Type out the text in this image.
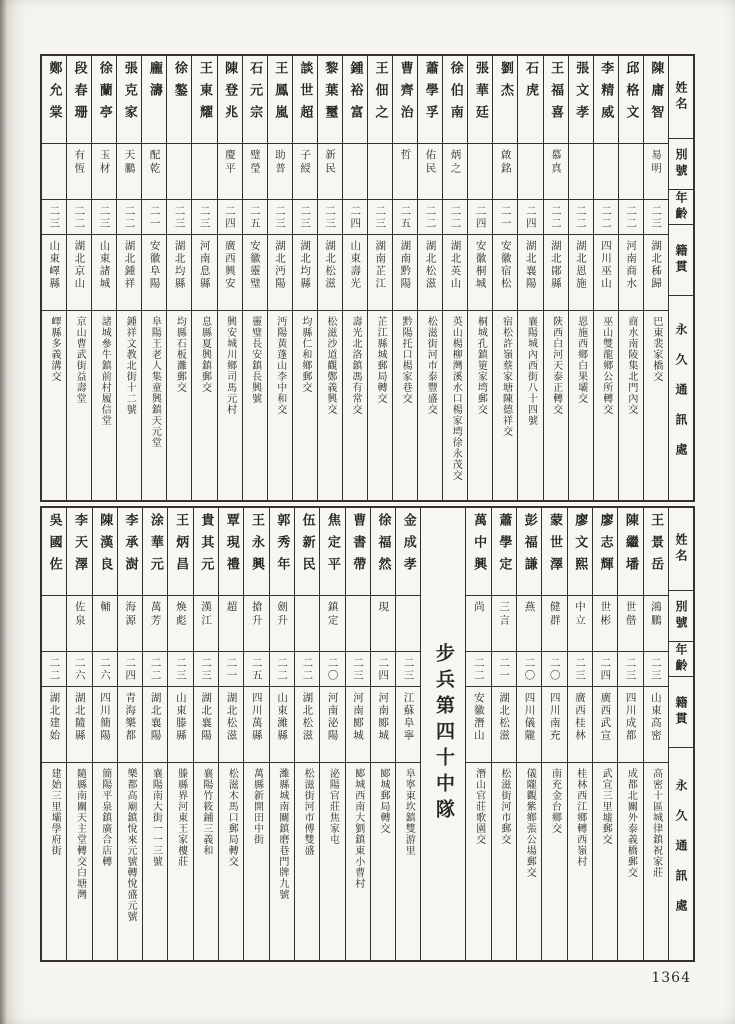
鄭允棠
二三
山東嶧縣
嶧縣多義溝交
段春珊
有恆
二二
湖北京山
京山曹武街益壽堂
徐蘭亭
玉材
二三
山東諸城
諸城參牛鎮前村履信堂
張克家
天鵬
二二
湖北鍾祥
鍾祥文教北街十二號
龐濤
配乾
二一
安徽阜陽
阜陽王老人集童興鎮天元堂
徐鏊
二三
湖北均縣
均縣石板灘郵交
王東耀
二三
河南息縣
息縣夏興鎮郵交
陳登兆
慶平
二四
廣西興安
興安城川鄉司馬元村
石元宗
璧瑩
二五
安徽靈璧
靈璧長安鎮長興號
王鳳嵐
助普
二三
湖北沔陽
沔陽黃蓬山李中和交
談世超
子綬
二三
湖北均縣
均縣仁和鄉郵交
黎葉璽
新民
二三
湖北松滋
松滋沙道觀鄭義興交
鍾裕富
二四
山東壽光
壽光北洛鎮馮有常交
王佃之
二三
湖南芷江
芷江縣城郵局轉交
曹齊治
哲
二五
湖南黔陽
黔陽托口楊家巷交
蕭學孚
佑民
二二
湖北松滋
松滋街河市泰豐盛交
徐伯南
炳之
二二
湖北英山
英山楊柳灣溪水口楊家塆徐永茂交
張華廷
二四
安徽桐城
桐城孔鎮筻家塆郵交
劉杰
啟銘
二一
安徽宿松
宿松許嶺蔡家塘陳德祥交
石虎
二四
湖北襄陽
襄陽城內西街八十四號
王福喜
慕真
二二
湖北鄖縣
陝西白河天泰正轉交
張文孝
二二
湖北恩施
恩施西鄉白果壩交
李精威
二二
四川巫山
巫山雙龍鄉公所轉交
邱格文
二二
河南商水
商水南陵集北門內交
陳庸智
易明
二三
湖北秭歸
巴東裴家橋交
姓名
別號
年齡
籍貫
永久通訊處
吳國佐
二二
湖北建始
建始三里壩學府街
李天澤
佐泉
二六
湖北隨縣
隨縣南關天主堂轉交白塘灣
陳漢良
輔
二六
四川簡陽
簡陽平泉鎮廣合店轉
李承澍
海源
二四
青海樂都
樂都高廟鎮悅來元號轉悅盛元號
涂華元
萬芳
二二
湖北襄陽
襄陽南大街一一三號
王炳昌
煥彪
二三
山東滕縣
滕縣界河東王家樓莊
貴其元
漢江
二三
湖北襄陽
襄陽竹筱鋪三義和
覃現禮
超
二一
湖北松滋
松滋木馬口郵局轉交
王永興
搶升
二五
四川萬縣
萬縣新開田中街
郭秀年
劍升
二二
山東濰縣
濰縣城南關鎮磨巷門牌九號
伍新民
二二
湖北松滋
松滋街河市傅雙盛
焦定平
鎮定
二〇
河南泌陽
泌陽官莊焦家屯
曹書帶
二三
河南郾城
郾城西南大劉鎮東小曹村
徐福然
現
二四
河南郾城
郾城郵局轉交
金成孝
二三
江蘇阜寧
阜寧東坎鎮雙游里 步兵第四十中隊
萬中興
尚
二二
安徽潛山
潛山官莊歌園交
蕭學定
三言
二一
湖北松滋
松滋街河市郵交
彭福謙
燕
二〇
四川儀隴
儀隴觀紫鄉張公場郵交
蒙世澤
健群
二〇
四川南充
南充金台鄉交
廖文熙
中立
二三
廣西桂林
桂林西江鄉轉西嶺村
廖志輝
世彬
二四
廣西武宣
武宣三里墟郵交
陳繼墦
世偕
二三
四川成都
成都北關外泰義橋郵交
王景岳
鴻鵬
二三
山東高密
高密十區城律鎮祝家莊
姓名
別號
年齡
籍貫
永久通訊處
1364
